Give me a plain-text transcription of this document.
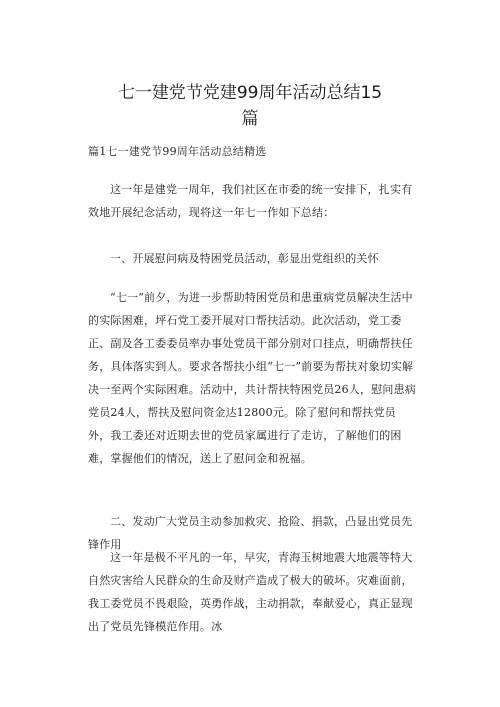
七一建党节党建99周年活动总结15
篇

篇1七一建党节99周年活动总结精选

这一年是建党一周年，我们社区在市委的统一安排下，扎实有效地开展纪念活动，现将这一年七一作如下总结：

一、开展慰问病及特困党员活动，彰显出党组织的关怀

“七一”前夕，为进一步帮助特困党员和患重病党员解决生活中的实际困难，坪石党工委开展对口帮扶活动。此次活动，党工委正、副及各工委委员率办事处党员干部分别对口挂点，明确帮扶任务，具体落实到人。要求各帮扶小组“七一”前要为帮扶对象切实解决一至两个实际困难。活动中，共计帮扶特困党员26人，慰问患病党员24人，帮扶及慰问资金达12800元。除了慰问和帮扶党员外，我工委还对近期去世的党员家属进行了走访，了解他们的困难，掌握他们的情况，送上了慰问金和祝福。

二、发动广大党员主动参加救灾、抢险、捐款，凸显出党员先锋作用

这一年是极不平凡的一年，早灾，青海玉树地震大地震等特大自然灾害给人民群众的生命及财产造成了极大的破坏。灾难面前，我工委党员不畏艰险，英勇作战，主动捐款，奉献爱心，真正显现出了党员先锋模范作用。冰
